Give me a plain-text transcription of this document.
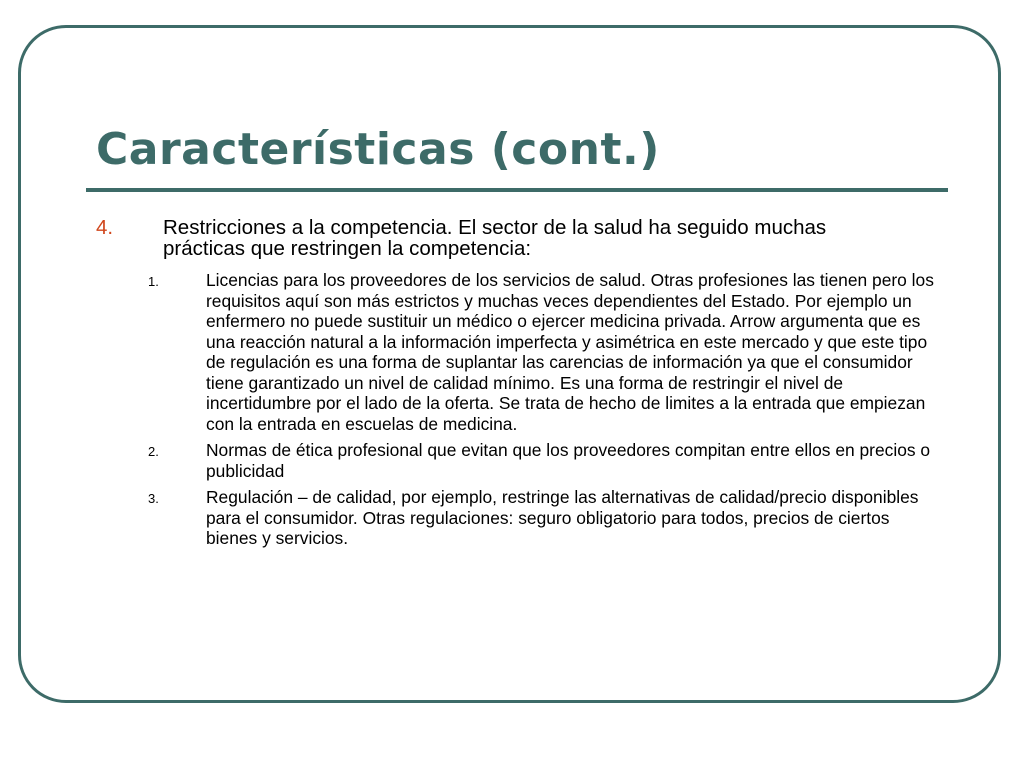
Características (cont.)
4.	Restricciones a la competencia. El sector de la salud ha seguido muchas prácticas que restringen la competencia:
1.	Licencias para los proveedores de los servicios de salud. Otras profesiones las tienen pero los requisitos aquí son más estrictos y muchas veces dependientes del Estado. Por ejemplo un enfermero no puede sustituir un médico o ejercer medicina privada. Arrow argumenta que es una reacción natural a la información imperfecta y asimétrica en este mercado y que este tipo de regulación es una forma de suplantar las carencias de información ya que el consumidor tiene garantizado un nivel de calidad mínimo. Es una forma de restringir el nivel de incertidumbre por el lado de la oferta. Se trata de hecho de limites a la entrada que empiezan con la entrada en escuelas de medicina.
2.	Normas de ética profesional que evitan que los proveedores compitan entre ellos en precios o publicidad
3.	Regulación – de calidad, por ejemplo, restringe las alternativas de calidad/precio disponibles para el consumidor. Otras regulaciones: seguro obligatorio para todos, precios de ciertos bienes y servicios.
